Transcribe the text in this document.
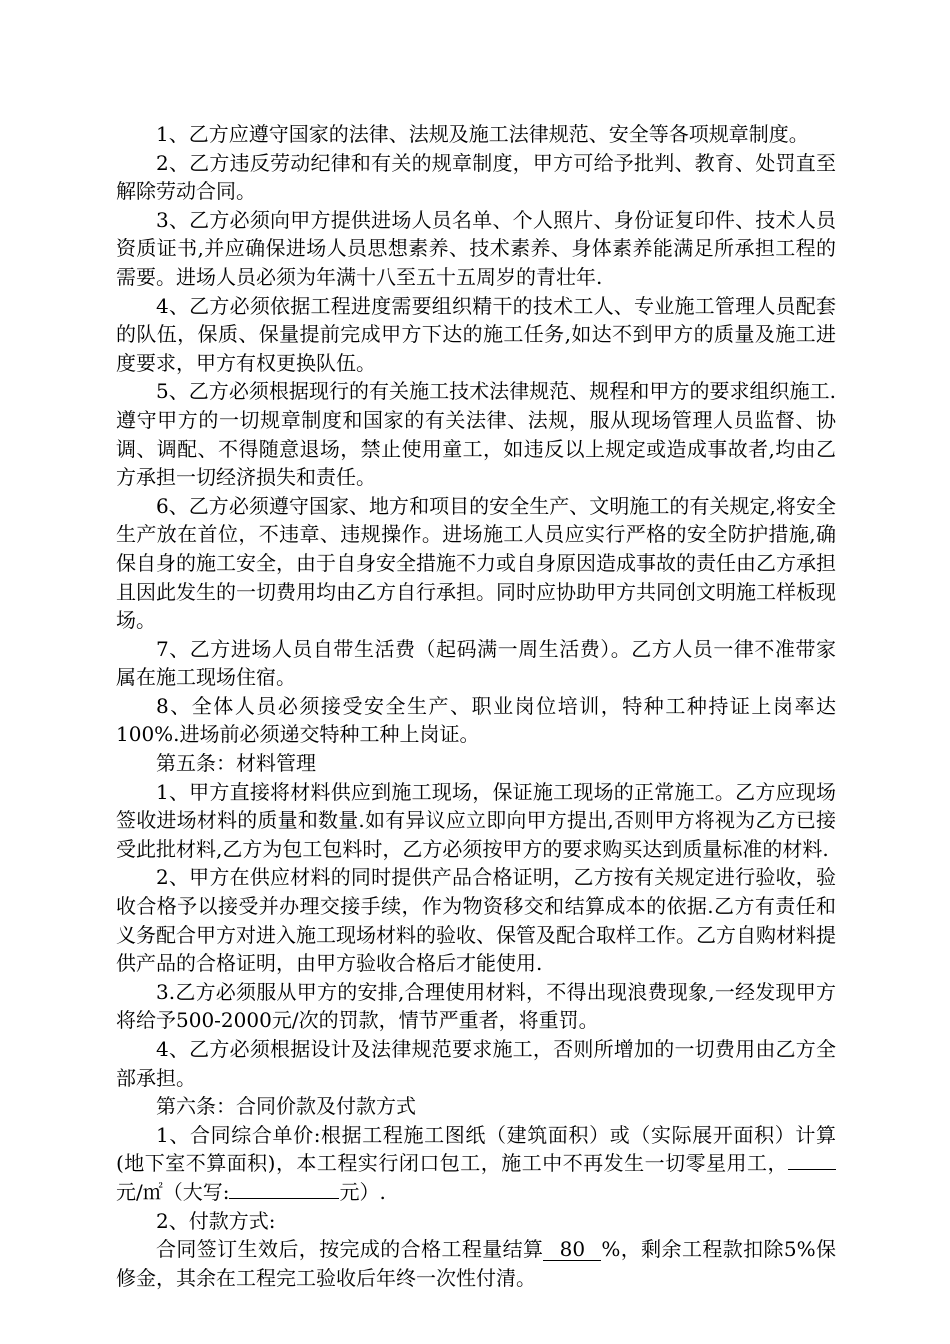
1、乙方应遵守国家的法律、法规及施工法律规范、安全等各项规章制度。

2、乙方违反劳动纪律和有关的规章制度，甲方可给予批判、教育、处罚直至解除劳动合同。

3、乙方必须向甲方提供进场人员名单、个人照片、身份证复印件、技术人员资质证书,并应确保进场人员思想素养、技术素养、身体素养能满足所承担工程的需要。进场人员必须为年满十八至五十五周岁的青壮年.

4、乙方必须依据工程进度需要组织精干的技术工人、专业施工管理人员配套的队伍，保质、保量提前完成甲方下达的施工任务,如达不到甲方的质量及施工进度要求，甲方有权更换队伍。

5、乙方必须根据现行的有关施工技术法律规范、规程和甲方的要求组织施工.遵守甲方的一切规章制度和国家的有关法律、法规，服从现场管理人员监督、协调、调配、不得随意退场，禁止使用童工，如违反以上规定或造成事故者,均由乙方承担一切经济损失和责任。

6、乙方必须遵守国家、地方和项目的安全生产、文明施工的有关规定,将安全生产放在首位，不违章、违规操作。进场施工人员应实行严格的安全防护措施,确保自身的施工安全，由于自身安全措施不力或自身原因造成事故的责任由乙方承担且因此发生的一切费用均由乙方自行承担。同时应协助甲方共同创文明施工样板现场。

7、乙方进场人员自带生活费（起码满一周生活费）。乙方人员一律不准带家属在施工现场住宿。

8、全体人员必须接受安全生产、职业岗位培训，特种工种持证上岗率达100%.进场前必须递交特种工种上岗证。

第五条：材料管理

1、甲方直接将材料供应到施工现场，保证施工现场的正常施工。乙方应现场签收进场材料的质量和数量.如有异议应立即向甲方提出,否则甲方将视为乙方已接受此批材料,乙方为包工包料时，乙方必须按甲方的要求购买达到质量标准的材料.

2、甲方在供应材料的同时提供产品合格证明，乙方按有关规定进行验收，验收合格予以接受并办理交接手续，作为物资移交和结算成本的依据.乙方有责任和义务配合甲方对进入施工现场材料的验收、保管及配合取样工作。乙方自购材料提供产品的合格证明，由甲方验收合格后才能使用.

3.乙方必须服从甲方的安排,合理使用材料，不得出现浪费现象,一经发现甲方将给予500-2000元/次的罚款，情节严重者，将重罚。

4、乙方必须根据设计及法律规范要求施工，否则所增加的一切费用由乙方全部承担。

第六条：合同价款及付款方式

1、合同综合单价:根据工程施工图纸（建筑面积）或（实际展开面积）计算(地下室不算面积)，本工程实行闭口包工，施工中不再发生一切零星用工，元/㎡（大写:	元）.

2、付款方式:

合同签订生效后，按完成的合格工程量结算 80 %，剩余工程款扣除5%保修金，其余在工程完工验收后年终一次性付清。
